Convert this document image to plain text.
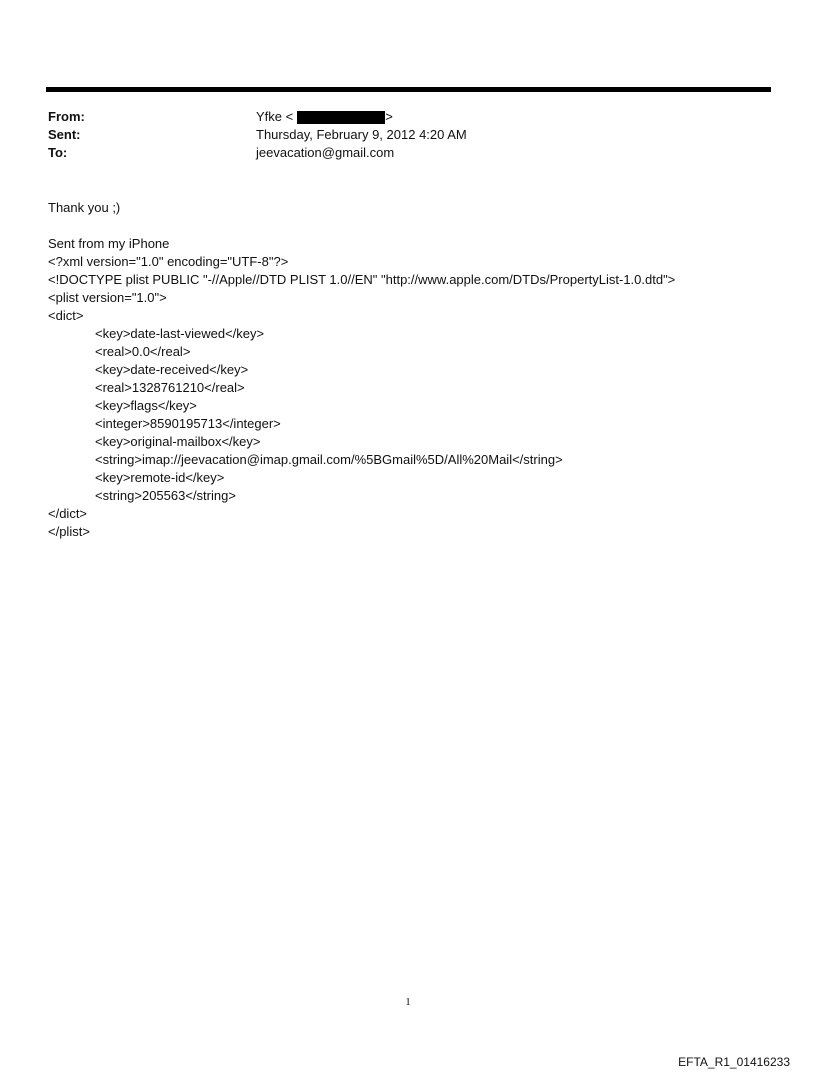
From:	Yfke <	>
Sent:	Thursday, February 9, 2012 4:20 AM
To:	jeevacation@gmail.com
Thank you ;)
Sent from my iPhone
<?xml version="1.0" encoding="UTF-8"?>
<!DOCTYPE plist PUBLIC "-//Apple//DTD PLIST 1.0//EN" "http://www.apple.com/DTDs/PropertyList-1.0.dtd">
<plist version="1.0">
<dict>
<key>date-last-viewed</key>
<real>0.0</real>
<key>date-received</key>
<real>1328761210</real>
<key>flags</key>
<integer>8590195713</integer>
<key>original-mailbox</key>
<string>imap://jeevacation@imap.gmail.com/%5BGmail%5D/All%20Mail</string>
<key>remote-id</key>
<string>205563</string>
</dict>
</plist>
1
EFTA_R1_01416233
